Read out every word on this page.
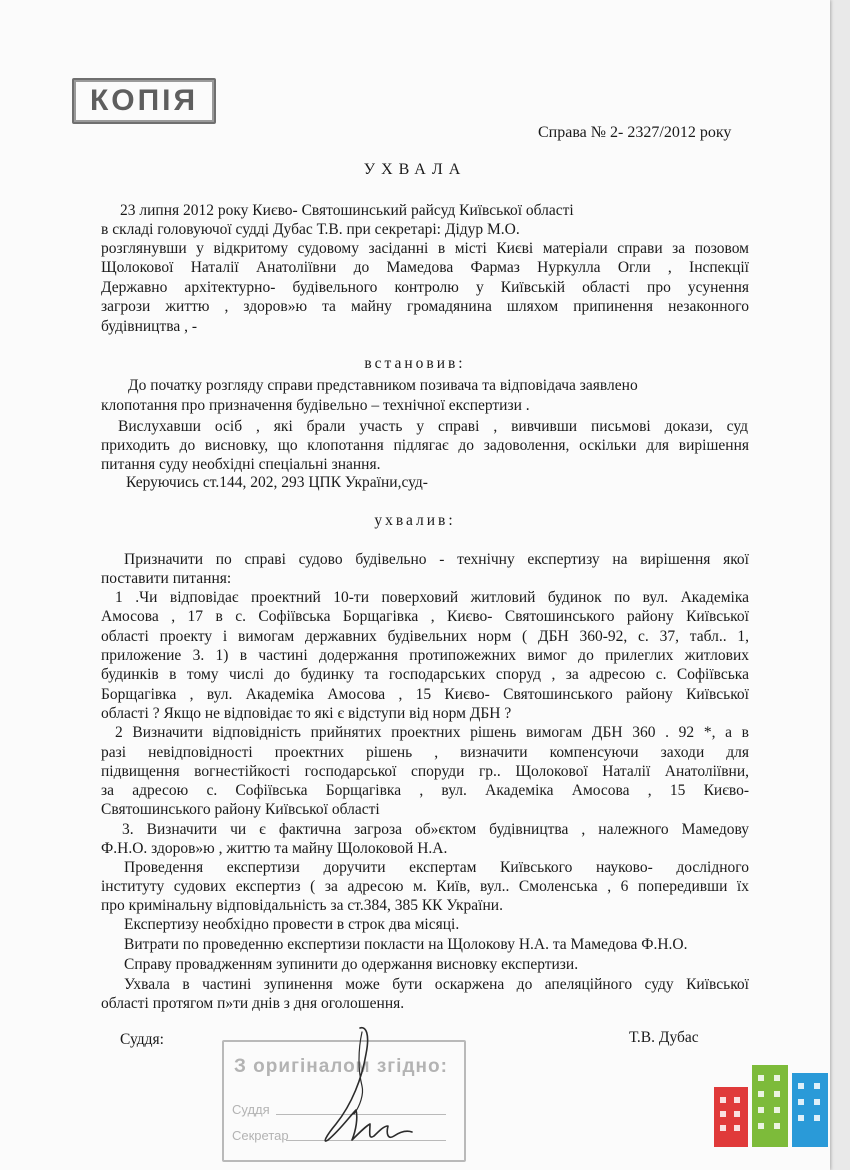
КОПІЯ
Справа № 2- 2327/2012 року
УХВАЛА
23 липня 2012 року Києво- Святошинський райсуд Київської області
в складі головуючої судді Дубас Т.В. при секретарі: Дідур М.О.
розглянувши у відкритому судовому засіданні в місті Києві матеріали справи за позовом
Щолокової Наталії Анатоліївни до Мамедова Фармаз Нуркулла Огли , Інспекції
Державно архітектурно- будівельного контролю у Київській області про усунення
загрози життю , здоров»ю та майну громадянина шляхом припинення незаконного
будівництва , -
встановив:
До початку розгляду справи представником позивача та відповідача заявлено
клопотання про призначення будівельно – технічної експертизи .
Вислухавши осіб , які брали участь у справі , вивчивши письмові докази, суд
приходить до висновку, що клопотання підлягає до задоволення, оскільки для вирішення
питання суду необхідні спеціальні знання.
Керуючись ст.144, 202, 293 ЦПК України,суд-
ухвалив:
Призначити по справі судово будівельно - технічну експертизу на вирішення якої
поставити питання:
1 .Чи відповідає проектний 10-ти поверховий житловий будинок по вул. Академіка
Амосова , 17 в с. Софіївська Борщагівка , Києво- Святошинського району Київської
області проекту і вимогам державних будівельних норм ( ДБН 360-92, с. 37, табл.. 1,
приложение 3. 1) в частині додержання протипожежних вимог до прилеглих житлових
будинків в тому числі до будинку та господарських споруд , за адресою с. Софіївська
Борщагівка , вул. Академіка Амосова , 15 Києво- Святошинського району Київської
області ? Якщо не відповідає то які є відступи від норм ДБН ?
2 Визначити відповідність прийнятих проектних рішень вимогам ДБН 360 . 92 *, а в
разі невідповідності проектних рішень , визначити компенсуючи заходи для
підвищення вогнестійкості господарської споруди гр.. Щолокової Наталії Анатоліївни,
за адресою с. Софіївська Борщагівка , вул. Академіка Амосова , 15 Києво-
Святошинського району Київської області
3. Визначити чи є фактична загроза об»єктом будівництва , належного Мамедову
Ф.Н.О. здоров»ю , життю та майну Щолоковой Н.А.
Проведення експертизи доручити експертам Київського науково- дослідного
інституту судових експертиз ( за адресою м. Київ, вул.. Смоленська , 6 попередивши їх
про кримінальну відповідальність за ст.384, 385 КК України.
Експертизу необхідно провести в строк два місяці.
Витрати по проведенню експертизи покласти на Щолокову Н.А. та Мамедова Ф.Н.О.
Справу провадженням зупинити до одержання висновку експертизи.
Ухвала в частині зупинення може бути оскаржена до апеляційного суду Київської
області протягом п»ти днів з дня оголошення.
Суддя:	Т.В. Дубас
З оригіналом згідно:
Суддя
Секретар
